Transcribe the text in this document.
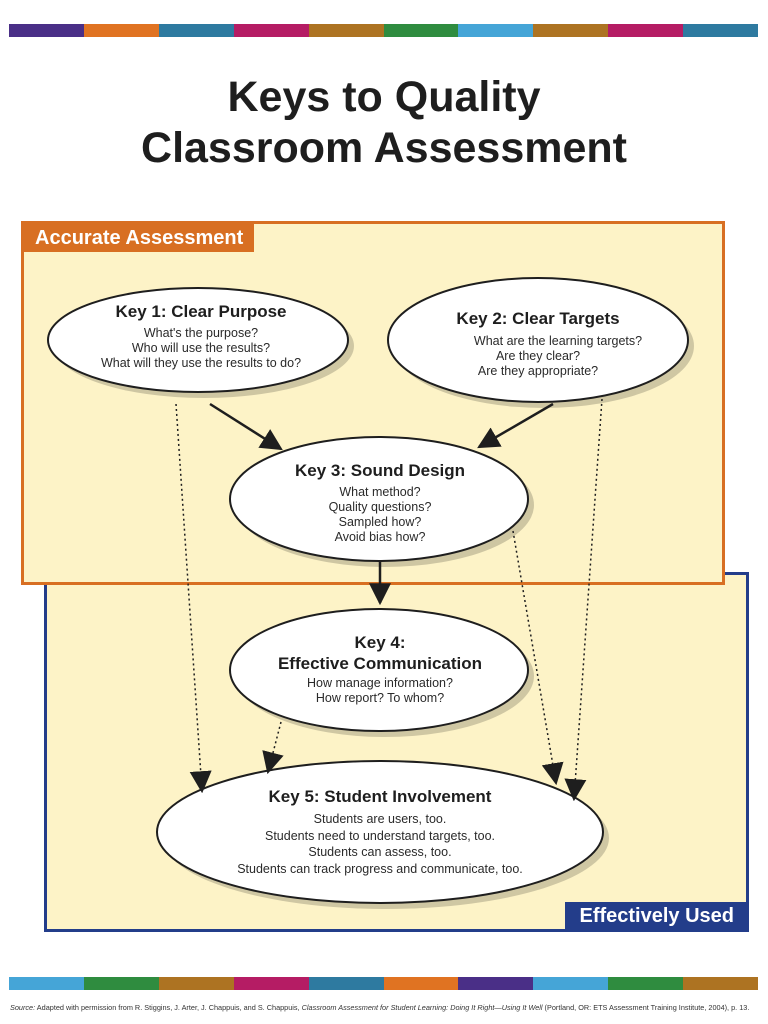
Keys to Quality
Classroom Assessment
Accurate Assessment
Effectively Used
Key 1: Clear Purpose

What's the purpose?

Who will use the results?

What will they use the results to do?

Key 2: Clear Targets

What are the learning targets?

Are they clear?

Are they appropriate?

Key 3: Sound Design

What method?

Quality questions?

Sampled how?

Avoid bias how?

Key 4:
Effective Communication

How manage information?

How report? To whom?

Key 5: Student Involvement

Students are users, too.

Students need to understand targets, too.

Students can assess, too.

Students can track progress and communicate, too.

Source: Adapted with permission from R. Stiggins, J. Arter, J. Chappuis, and S. Chappuis, Classroom Assessment for Student Learning: Doing It Right—Using It Well (Portland, OR: ETS Assessment Training Institute, 2004), p. 13.
